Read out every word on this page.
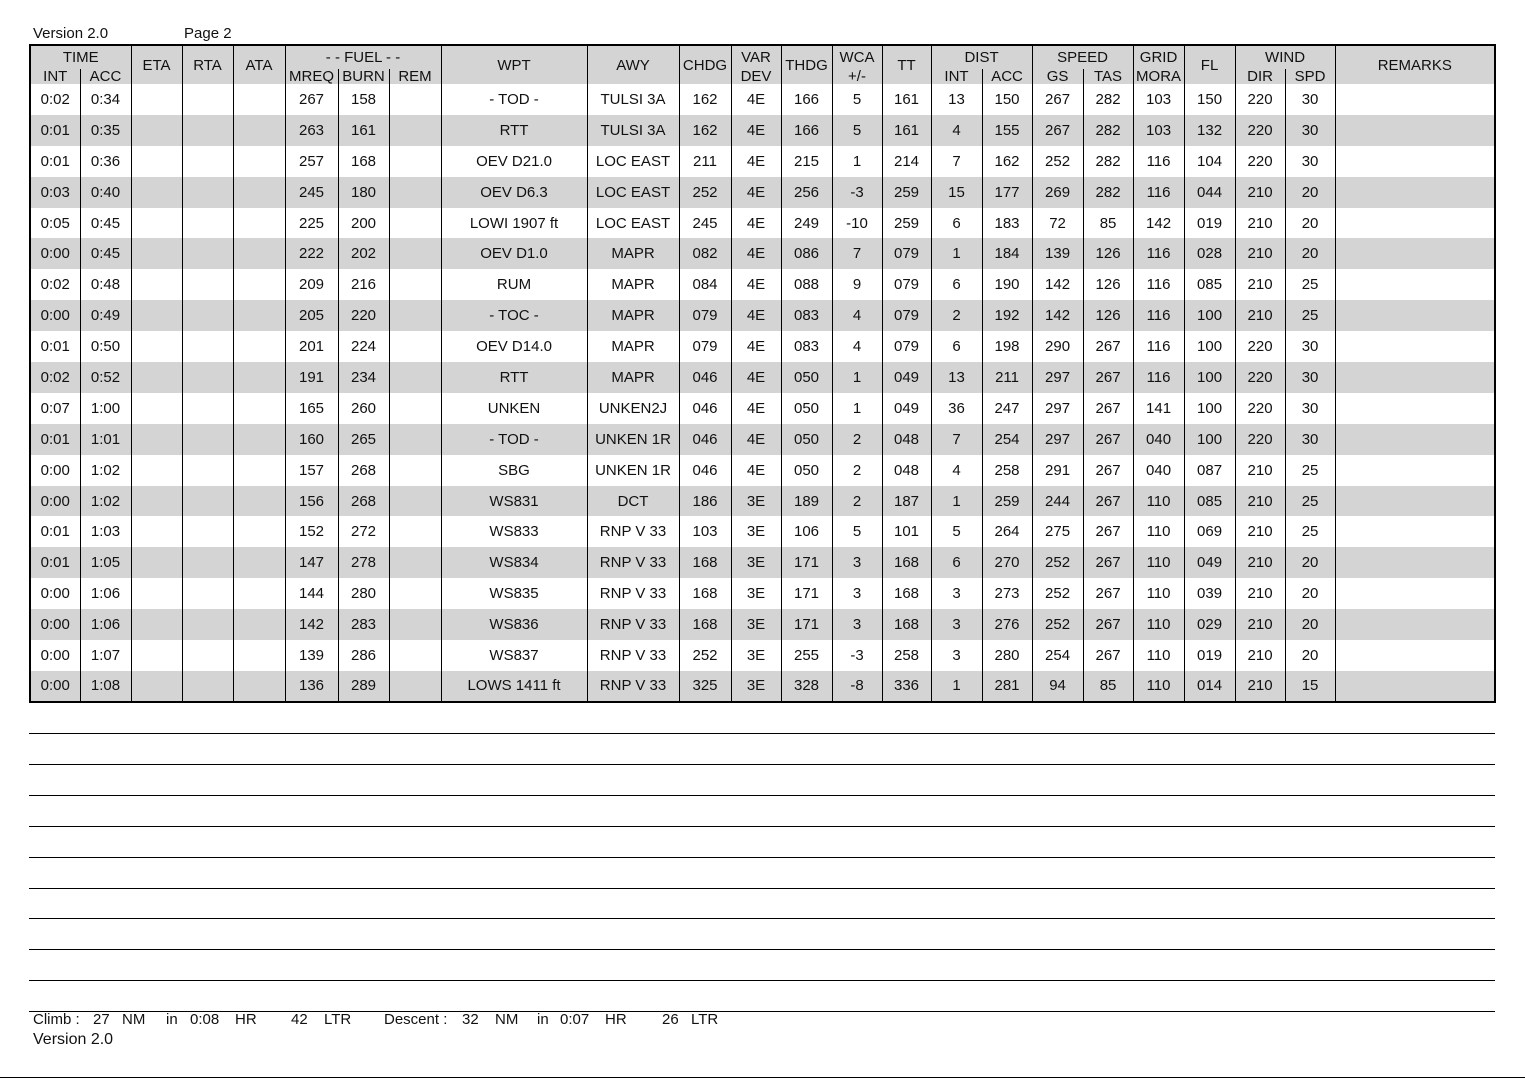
Version 2.0	Page 2
TIME		ETA	RTA	ATA	- - FUEL - -			WPT	AWY	CHDG	VAR	THDG	WCA	TT	DIST		SPEED		GRID	FL	WIND		REMARKS
INT	ACC				MREQ	BURN	REM				DEV		+/-		INT	ACC	GS	TAS	MORA		DIR	SPD	
0:02	0:34				267	158		- TOD -	TULSI 3A	162	4E	166	5	161	13	150	267	282	103	150	220	30	
0:01	0:35				263	161		RTT	TULSI 3A	162	4E	166	5	161	4	155	267	282	103	132	220	30	
0:01	0:36				257	168		OEV D21.0	LOC EAST	211	4E	215	1	214	7	162	252	282	116	104	220	30	
0:03	0:40				245	180		OEV D6.3	LOC EAST	252	4E	256	-3	259	15	177	269	282	116	044	210	20	
0:05	0:45				225	200		LOWI 1907 ft	LOC EAST	245	4E	249	-10	259	6	183	72	85	142	019	210	20	
0:00	0:45				222	202		OEV D1.0	MAPR	082	4E	086	7	079	1	184	139	126	116	028	210	20	
0:02	0:48				209	216		RUM	MAPR	084	4E	088	9	079	6	190	142	126	116	085	210	25	
0:00	0:49				205	220		- TOC -	MAPR	079	4E	083	4	079	2	192	142	126	116	100	210	25	
0:01	0:50				201	224		OEV D14.0	MAPR	079	4E	083	4	079	6	198	290	267	116	100	220	30	
0:02	0:52				191	234		RTT	MAPR	046	4E	050	1	049	13	211	297	267	116	100	220	30	
0:07	1:00				165	260		UNKEN	UNKEN2J	046	4E	050	1	049	36	247	297	267	141	100	220	30	
0:01	1:01				160	265		- TOD -	UNKEN 1R	046	4E	050	2	048	7	254	297	267	040	100	220	30	
0:00	1:02				157	268		SBG	UNKEN 1R	046	4E	050	2	048	4	258	291	267	040	087	210	25	
0:00	1:02				156	268		WS831	DCT	186	3E	189	2	187	1	259	244	267	110	085	210	25	
0:01	1:03				152	272		WS833	RNP V 33	103	3E	106	5	101	5	264	275	267	110	069	210	25	
0:01	1:05				147	278		WS834	RNP V 33	168	3E	171	3	168	6	270	252	267	110	049	210	20	
0:00	1:06				144	280		WS835	RNP V 33	168	3E	171	3	168	3	273	252	267	110	039	210	20	
0:00	1:06				142	283		WS836	RNP V 33	168	3E	171	3	168	3	276	252	267	110	029	210	20	
0:00	1:07				139	286		WS837	RNP V 33	252	3E	255	-3	258	3	280	254	267	110	019	210	20	
0:00	1:08				136	289		LOWS 1411 ft	RNP V 33	325	3E	328	-8	336	1	281	94	85	110	014	210	15	
Climb : 27 NM in 0:08 HR 42 LTR Descent : 32 NM in 0:07 HR 26 LTR
Version 2.0
